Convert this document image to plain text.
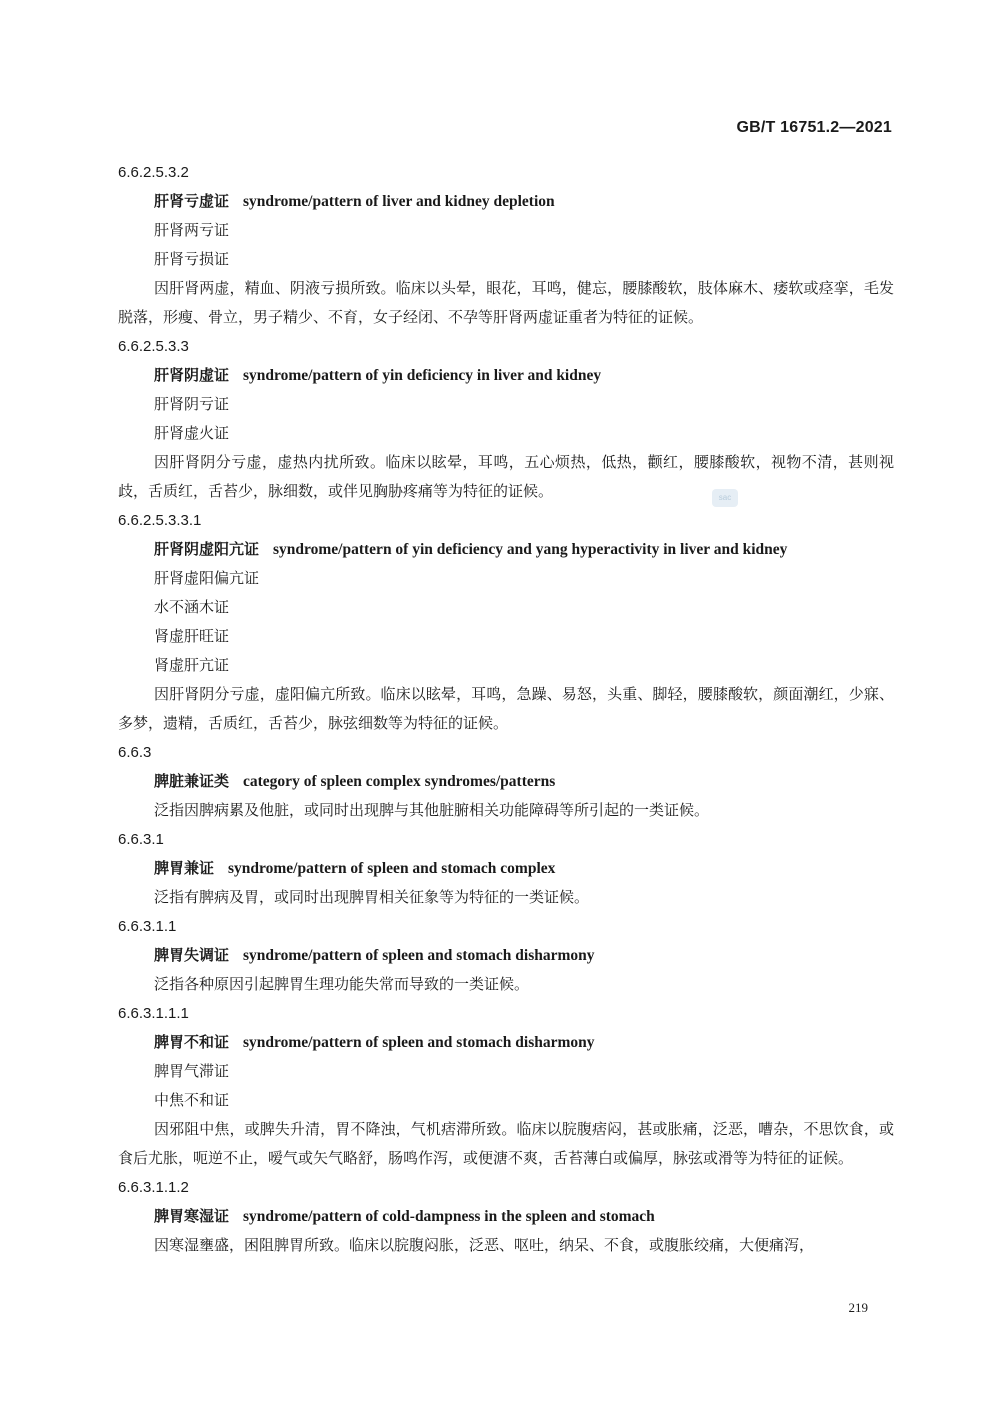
GB/T 16751.2—2021
sac
6.6.2.5.3.2
肝肾亏虚证 syndrome/pattern of liver and kidney depletion
肝肾两亏证
肝肾亏损证
因肝肾两虚，精血、阴液亏损所致。临床以头晕，眼花，耳鸣，健忘，腰膝酸软，肢体麻木、痿软或痉挛，毛发脱落，形瘦、骨立，男子精少、不育，女子经闭、不孕等肝肾两虚证重者为特征的证候。
6.6.2.5.3.3
肝肾阴虚证 syndrome/pattern of yin deficiency in liver and kidney
肝肾阴亏证
肝肾虚火证
因肝肾阴分亏虚，虚热内扰所致。临床以眩晕，耳鸣，五心烦热，低热，颧红，腰膝酸软，视物不清，甚则视歧，舌质红，舌苔少，脉细数，或伴见胸胁疼痛等为特征的证候。
6.6.2.5.3.3.1
肝肾阴虚阳亢证 syndrome/pattern of yin deficiency and yang hyperactivity in liver and kidney
肝肾虚阳偏亢证
水不涵木证
肾虚肝旺证
肾虚肝亢证
因肝肾阴分亏虚，虚阳偏亢所致。临床以眩晕，耳鸣，急躁、易怒，头重、脚轻，腰膝酸软，颜面潮红，少寐、多梦，遗精，舌质红，舌苔少，脉弦细数等为特征的证候。
6.6.3
脾脏兼证类 category of spleen complex syndromes/patterns
泛指因脾病累及他脏，或同时出现脾与其他脏腑相关功能障碍等所引起的一类证候。
6.6.3.1
脾胃兼证 syndrome/pattern of spleen and stomach complex
泛指有脾病及胃，或同时出现脾胃相关征象等为特征的一类证候。
6.6.3.1.1
脾胃失调证 syndrome/pattern of spleen and stomach disharmony
泛指各种原因引起脾胃生理功能失常而导致的一类证候。
6.6.3.1.1.1
脾胃不和证 syndrome/pattern of spleen and stomach disharmony
脾胃气滞证
中焦不和证
因邪阻中焦，或脾失升清，胃不降浊，气机痞滞所致。临床以脘腹痞闷，甚或胀痛，泛恶，嘈杂，不思饮食，或食后尤胀，呃逆不止，嗳气或矢气略舒，肠鸣作泻，或便溏不爽，舌苔薄白或偏厚，脉弦或滑等为特征的证候。
6.6.3.1.1.2
脾胃寒湿证 syndrome/pattern of cold-dampness in the spleen and stomach
因寒湿壅盛，困阻脾胃所致。临床以脘腹闷胀，泛恶、呕吐，纳呆、不食，或腹胀绞痛，大便痛泻，
219
